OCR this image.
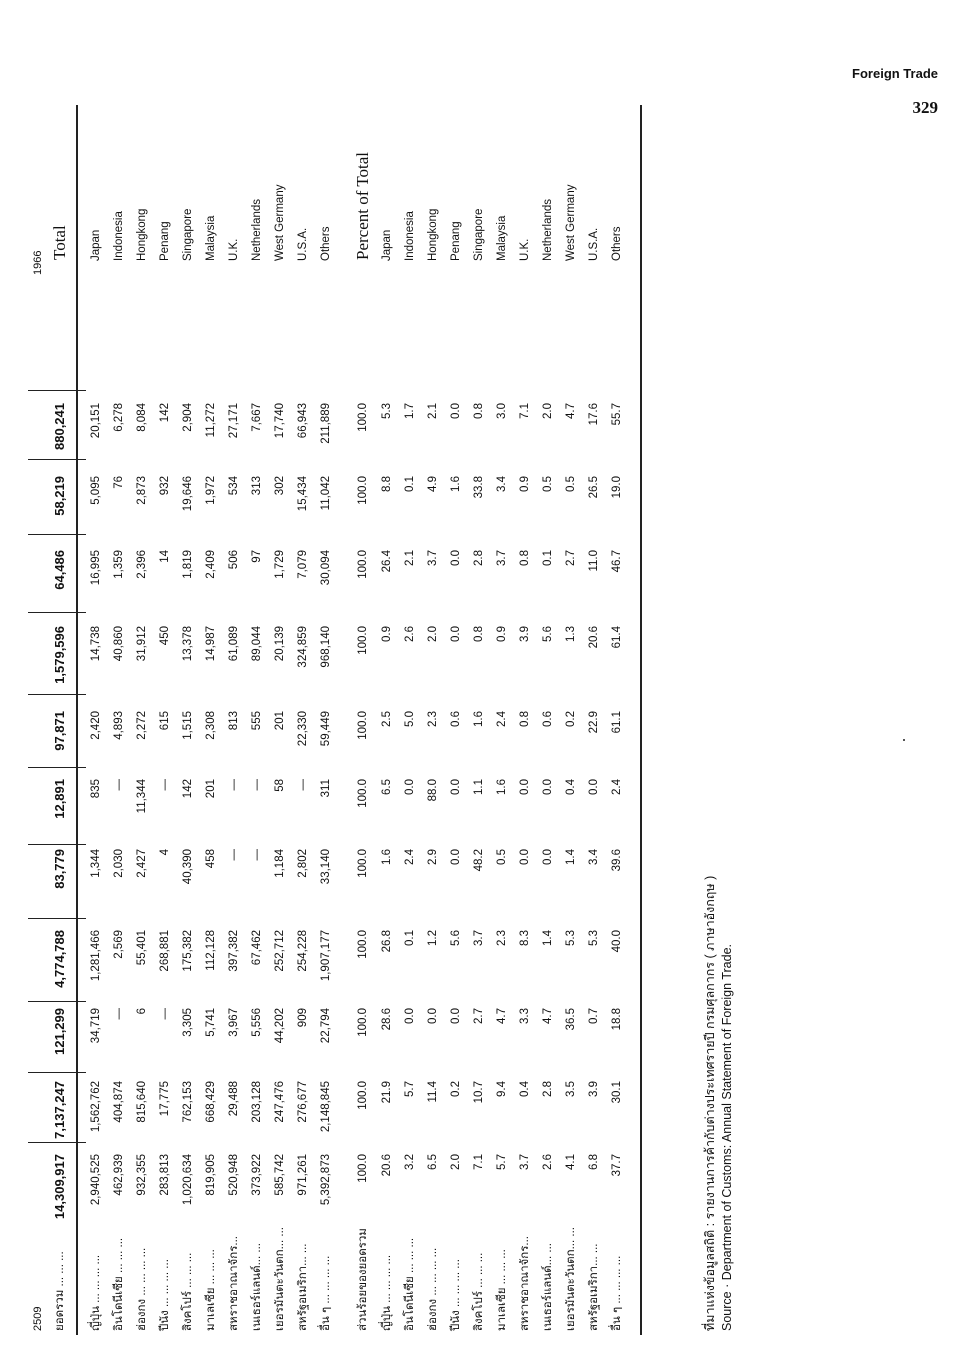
Foreign Trade
329
2509
1966
ยอดรวม ... ... ...
14,309,917
7,137,247
121,299
4,774,788
83,779
12,891
97,871
1,579,596
64,486
58,219
880,241
Total
ญี่ปุ่น ... ... ... ...
2,940,525
1,562,762
34,719
1,281,466
1,344
835
2,420
14,738
16,995
5,095
20,151
Japan
อินโดนีเซีย ... ... ...
462,939
404,874
—
2,569
2,030
—
4,893
40,860
1,359
76
6,278
Indonesia
ฮ่องกง ... ... ... ...
932,355
815,640
6
55,401
2,427
11,344
2,272
31,912
2,396
2,873
8,084
Hongkong
ปีนัง ... ... ... ...
283,813
17,775
—
268,881
4
—
615
450
14
932
142
Penang
สิงคโปร์ ... ... ...
1,020,634
762,153
3,305
175,382
40,390
142
1,515
13,378
1,819
19,646
2,904
Singapore
มาเลเซีย ... ... ...
819,905
668,429
5,741
112,128
458
201
2,308
14,987
2,409
1,972
11,272
Malaysia
สหราชอาณาจักร...
520,948
29,488
3,967
397,382
—
—
813
61,089
506
534
27,171
U.K.
เนเธอร์แลนด์... ...
373,922
203,128
5,556
67,462
—
—
555
89,044
97
313
7,667
Netherlands
เยอรมันตะวันตก... ...
585,742
247,476
44,202
252,712
1,184
58
201
20,139
1,729
302
17,740
West Germany
สหรัฐอเมริกา... ...
971,261
276,677
909
254,228
2,802
—
22,330
324,859
7,079
15,434
66,943
U.S.A.
อื่น ๆ ... ... ... ...
5,392,873
2,148,845
22,794
1,907,177
33,140
311
59,449
968,140
30,094
11,042
211,889
Others
ส่วนร้อยของยอดรวม
100.0
100.0
100.0
100.0
100.0
100.0
100.0
100.0
100.0
100.0
100.0
Percent of Total
ญี่ปุ่น ... ... ... ...
20.6
21.9
28.6
26.8
1.6
6.5
2.5
0.9
26.4
8.8
5.3
Japan
อินโดนีเซีย ... ... ...
3.2
5.7
0.0
0.1
2.4
0.0
5.0
2.6
2.1
0.1
1.7
Indonesia
ฮ่องกง ... ... ... ...
6.5
11.4
0.0
1.2
2.9
88.0
2.3
2.0
3.7
4.9
2.1
Hongkong
ปีนัง ... ... ... ...
2.0
0.2
0.0
5.6
0.0
0.0
0.6
0.0
0.0
1.6
0.0
Penang
สิงคโปร์ ... ... ...
7.1
10.7
2.7
3.7
48.2
1.1
1.6
0.8
2.8
33.8
0.8
Singapore
มาเลเซีย ... ... ...
5.7
9.4
4.7
2.3
0.5
1.6
2.4
0.9
3.7
3.4
3.0
Malaysia
สหราชอาณาจักร...
3.7
0.4
3.3
8.3
0.0
0.0
0.8
3.9
0.8
0.9
7.1
U.K.
เนเธอร์แลนด์... ...
2.6
2.8
4.7
1.4
0.0
0.0
0.6
5.6
0.1
0.5
2.0
Netherlands
เยอรมันตะวันตก... ...
4.1
3.5
36.5
5.3
1.4
0.4
0.2
1.3
2.7
0.5
4.7
West Germany
สหรัฐอเมริกา... ...
6.8
3.9
0.7
5.3
3.4
0.0
22.9
20.6
11.0
26.5
17.6
U.S.A.
อื่น ๆ ... ... ... ...
37.7
30.1
18.8
40.0
39.6
2.4
61.1
61.4
46.7
19.0
55.7
Others
ที่มาแห่งข้อมูลสถิติ : รายงานการค้ากับต่างประเทศรายปี กรมศุลกากร ( ภาษาอังกฤษ ) Source · Department of Customs: Annual Statement of Foreign Trade.
